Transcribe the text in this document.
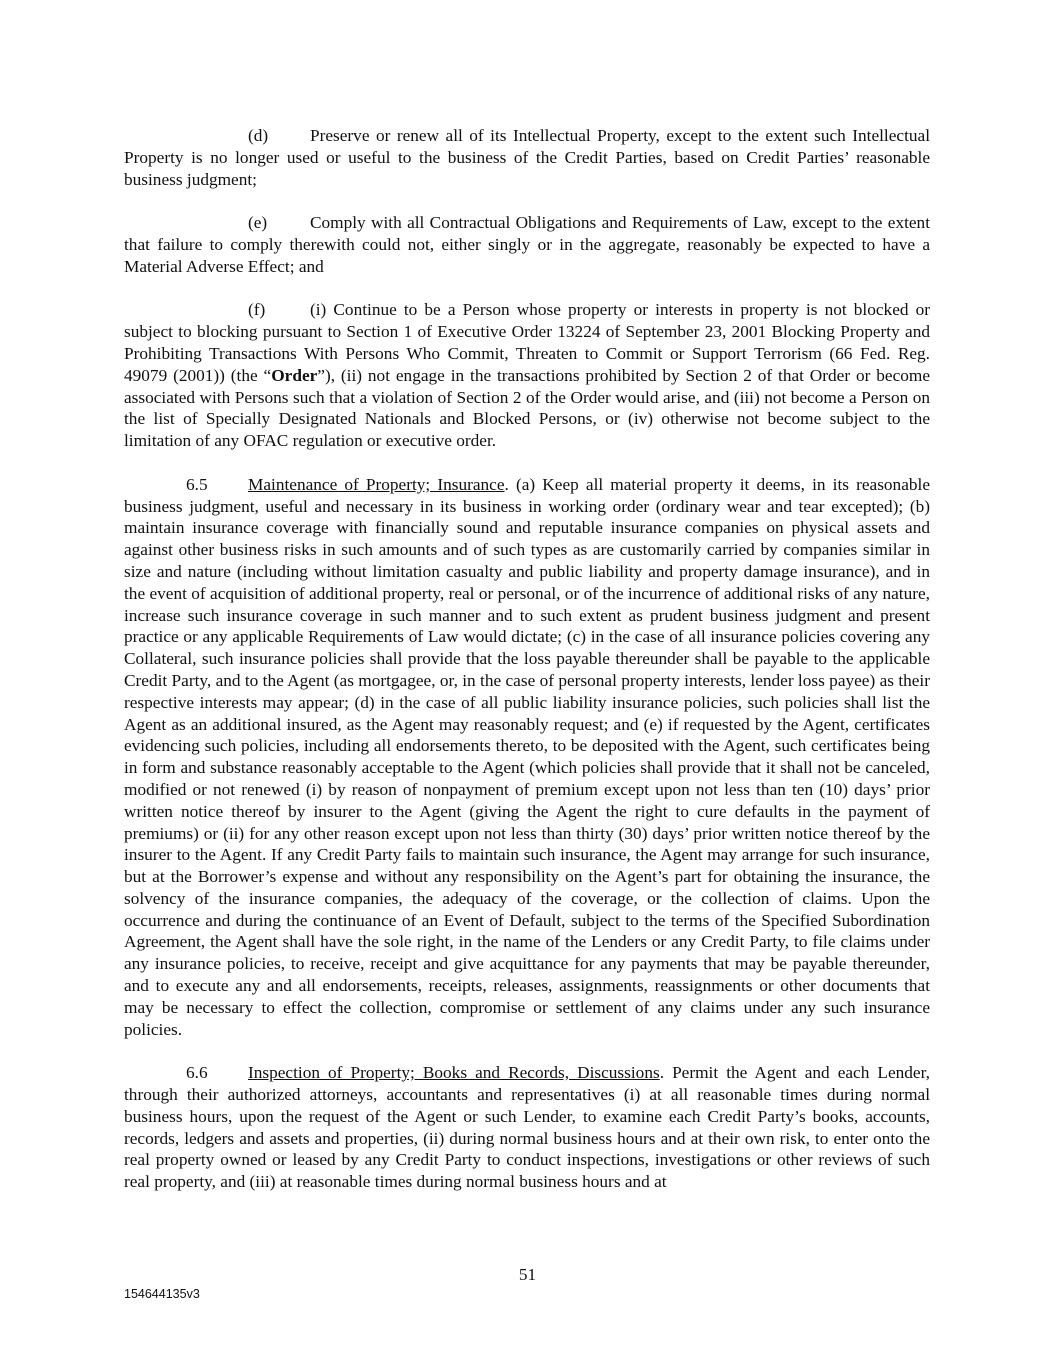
(d) Preserve or renew all of its Intellectual Property, except to the extent such Intellectual Property is no longer used or useful to the business of the Credit Parties, based on Credit Parties’ reasonable business judgment;

(e) Comply with all Contractual Obligations and Requirements of Law, except to the extent that failure to comply therewith could not, either singly or in the aggregate, reasonably be expected to have a Material Adverse Effect; and

(f)	(i) Continue to be a Person whose property or interests in property is not blocked or subject to blocking pursuant to Section 1 of Executive Order 13224 of September 23, 2001 Blocking Property and Prohibiting Transactions With Persons Who Commit, Threaten to Commit or Support Terrorism (66 Fed. Reg. 49079 (2001)) (the “Order”), (ii) not engage in the transactions prohibited by Section 2 of that Order or become associated with Persons such that a violation of Section 2 of the Order would arise, and (iii) not become a Person on the list of Specially Designated Nationals and Blocked Persons, or (iv) otherwise not become subject to the limitation of any OFAC regulation or executive order.

6.5 Maintenance of Property; Insurance. (a) Keep all material property it deems, in its reasonable business judgment, useful and necessary in its business in working order (ordinary wear and tear excepted); (b) maintain insurance coverage with financially sound and reputable insurance companies on physical assets and against other business risks in such amounts and of such types as are customarily carried by companies similar in size and nature (including without limitation casualty and public liability and property damage insurance), and in the event of acquisition of additional property, real or personal, or of the incurrence of additional risks of any nature, increase such insurance coverage in such manner and to such extent as prudent business judgment and present practice or any applicable Requirements of Law would dictate; (c) in the case of all insurance policies covering any Collateral, such insurance policies shall provide that the loss payable thereunder shall be payable to the applicable Credit Party, and to the Agent (as mortgagee, or, in the case of personal property interests, lender loss payee) as their respective interests may appear; (d) in the case of all public liability insurance policies, such policies shall list the Agent as an additional insured, as the Agent may reasonably request; and (e) if requested by the Agent, certificates evidencing such policies, including all endorsements thereto, to be deposited with the Agent, such certificates being in form and substance reasonably acceptable to the Agent (which policies shall provide that it shall not be canceled, modified or not renewed (i) by reason of nonpayment of premium except upon not less than ten (10) days’ prior written notice thereof by insurer to the Agent (giving the Agent the right to cure defaults in the payment of premiums) or (ii) for any other reason except upon not less than thirty (30) days’ prior written notice thereof by the insurer to the Agent. If any Credit Party fails to maintain such insurance, the Agent may arrange for such insurance, but at the Borrower’s expense and without any responsibility on the Agent’s part for obtaining the insurance, the solvency of the insurance companies, the adequacy of the coverage, or the collection of claims. Upon the occurrence and during the continuance of an Event of Default, subject to the terms of the Specified Subordination Agreement, the Agent shall have the sole right, in the name of the Lenders or any Credit Party, to file claims under any insurance policies, to receive, receipt and give acquittance for any payments that may be payable thereunder, and to execute any and all endorsements, receipts, releases, assignments, reassignments or other documents that may be necessary to effect the collection, compromise or settlement of any claims under any such insurance policies.

6.6 Inspection of Property; Books and Records, Discussions. Permit the Agent and each Lender, through their authorized attorneys, accountants and representatives (i) at all reasonable times during normal business hours, upon the request of the Agent or such Lender, to examine each Credit Party’s books, accounts, records, ledgers and assets and properties, (ii) during normal business hours and at their own risk, to enter onto the real property owned or leased by any Credit Party to conduct inspections, investigations or other reviews of such real property, and (iii) at reasonable times during normal business hours and at

51
154644135v3
